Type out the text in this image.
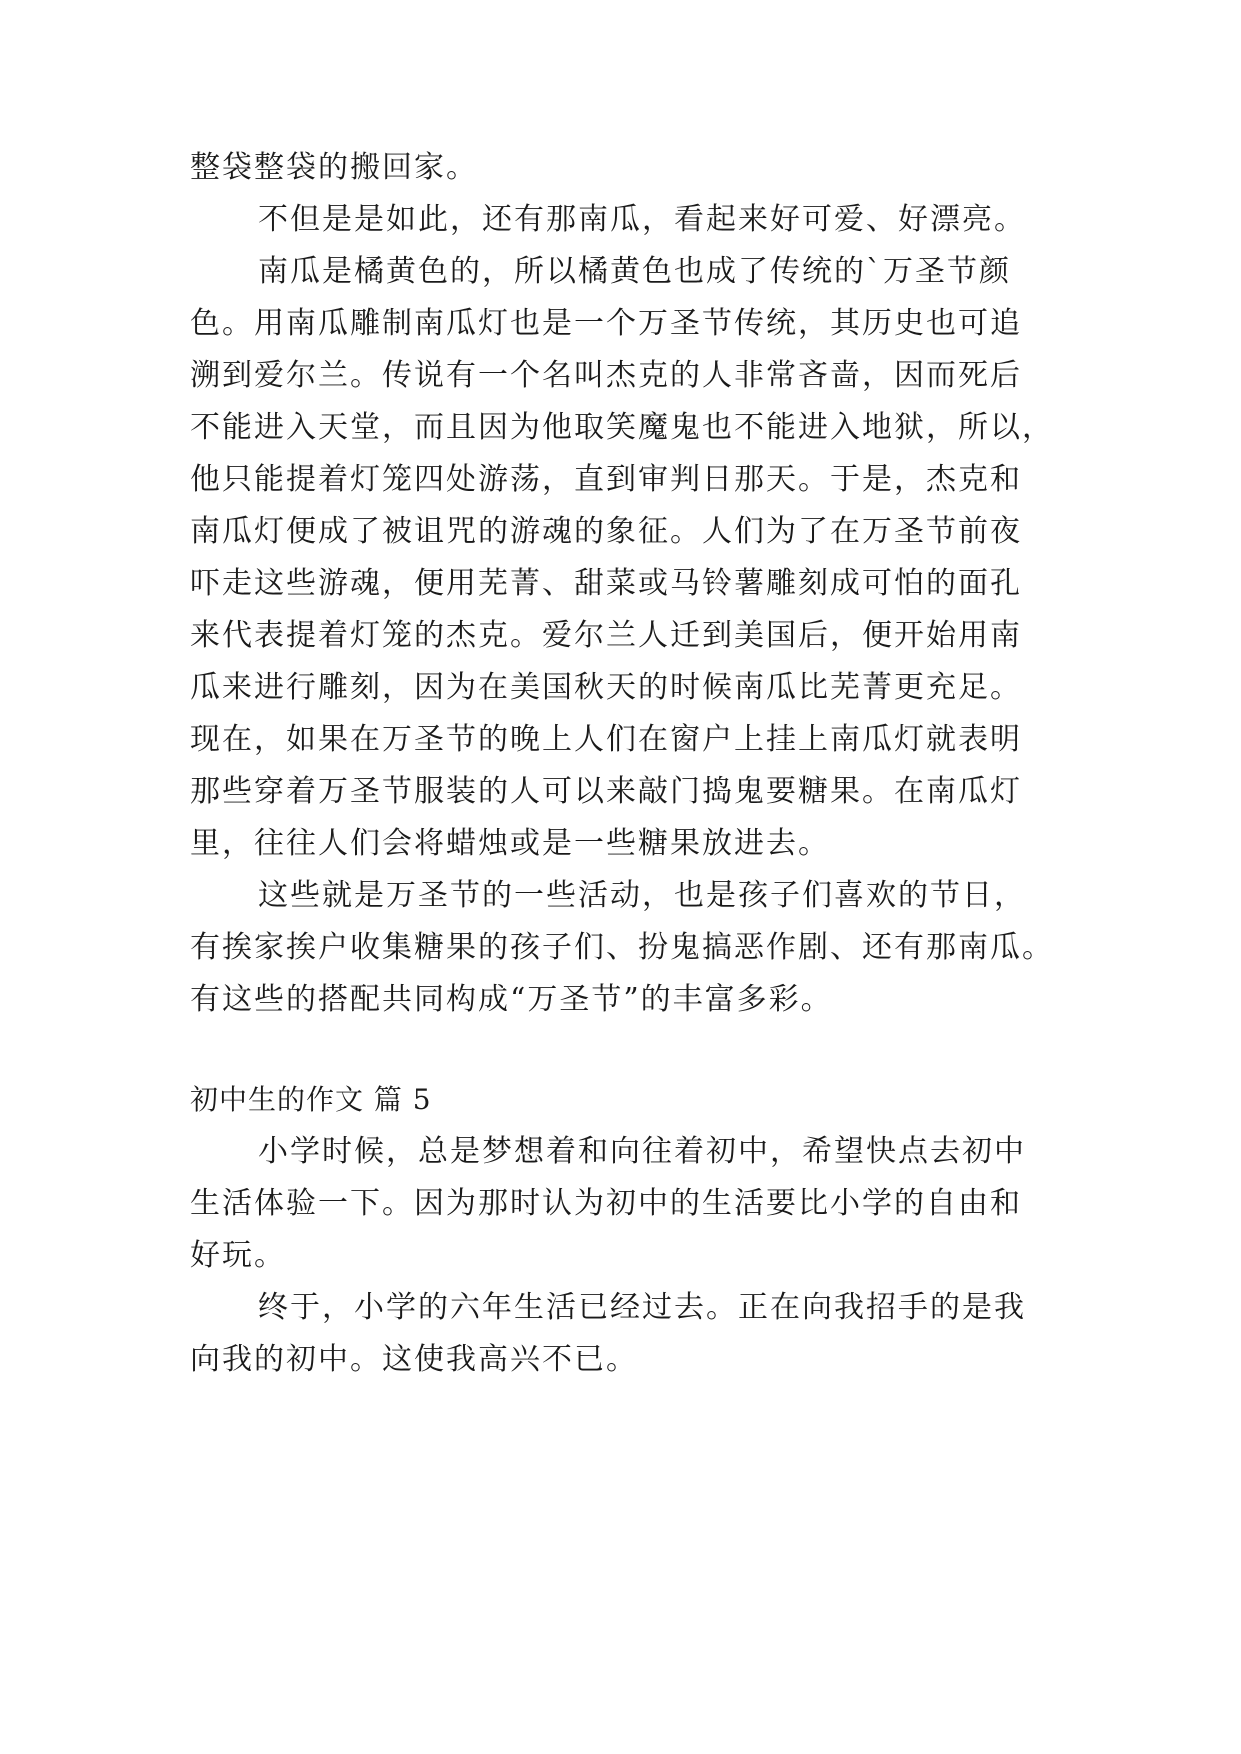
整袋整袋的搬回家。
不但是是如此，还有那南瓜，看起来好可爱、好漂亮。
南瓜是橘黄色的，所以橘黄色也成了传统的`万圣节颜
色。用南瓜雕制南瓜灯也是一个万圣节传统，其历史也可追
溯到爱尔兰。传说有一个名叫杰克的人非常吝啬，因而死后
不能进入天堂，而且因为他取笑魔鬼也不能进入地狱，所以，
他只能提着灯笼四处游荡，直到审判日那天。于是，杰克和
南瓜灯便成了被诅咒的游魂的象征。人们为了在万圣节前夜
吓走这些游魂，便用芜菁、甜菜或马铃薯雕刻成可怕的面孔
来代表提着灯笼的杰克。爱尔兰人迁到美国后，便开始用南
瓜来进行雕刻，因为在美国秋天的时候南瓜比芜菁更充足。
现在，如果在万圣节的晚上人们在窗户上挂上南瓜灯就表明
那些穿着万圣节服装的人可以来敲门捣鬼要糖果。在南瓜灯
里，往往人们会将蜡烛或是一些糖果放进去。
这些就是万圣节的一些活动，也是孩子们喜欢的节日，
有挨家挨户收集糖果的孩子们、扮鬼搞恶作剧、还有那南瓜。
有这些的搭配共同构成“万圣节”的丰富多彩。
初中生的作文 篇 5
小学时候，总是梦想着和向往着初中，希望快点去初中
生活体验一下。因为那时认为初中的生活要比小学的自由和
好玩。
终于，小学的六年生活已经过去。正在向我招手的是我
向我的初中。这使我高兴不已。
